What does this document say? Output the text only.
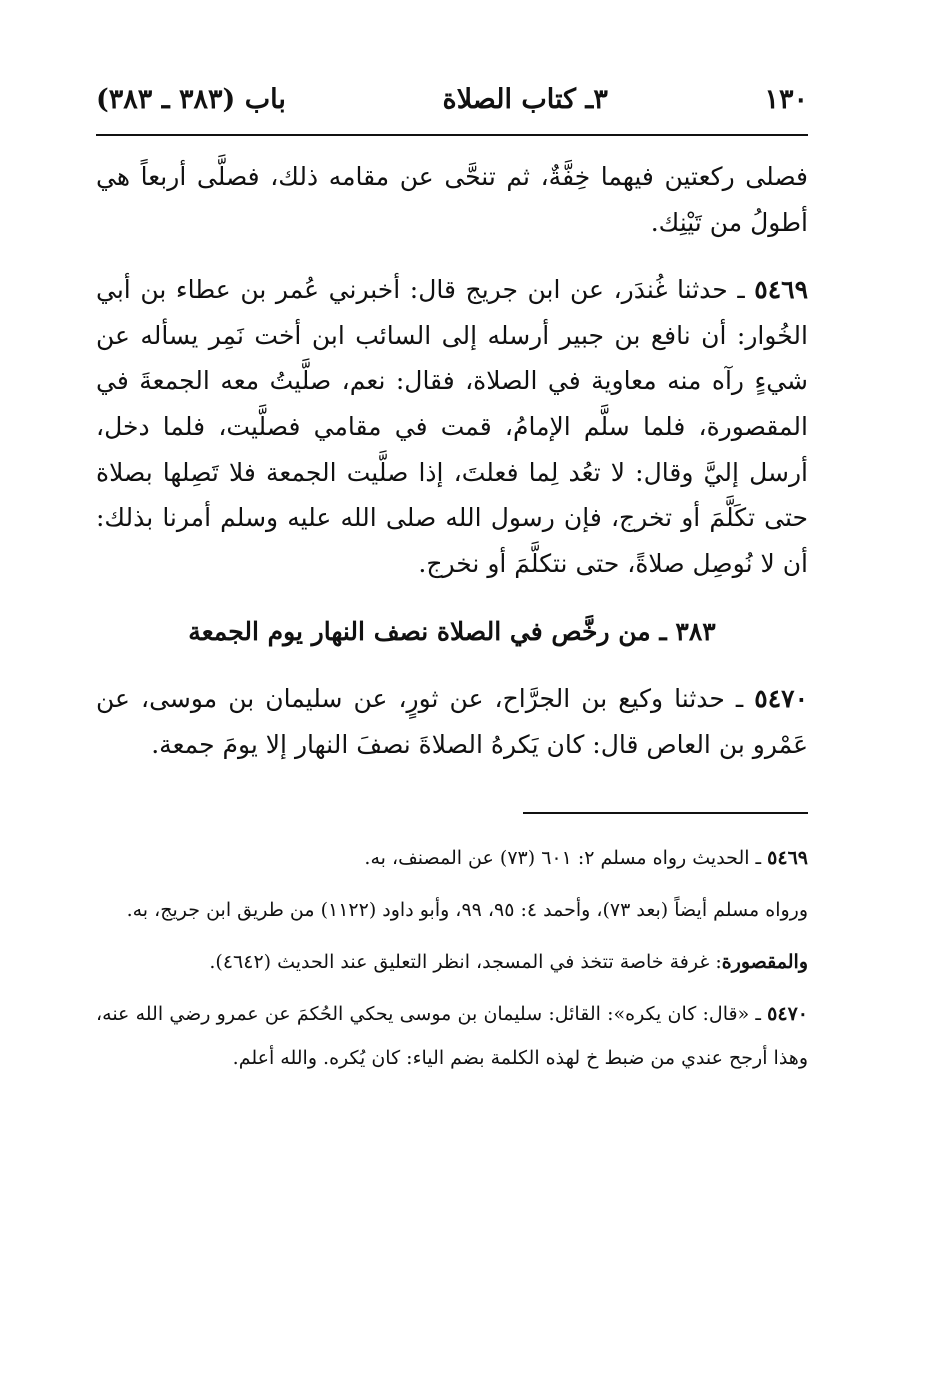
١٣٠
٣ـ كتاب الصلاة
باب (٣٨٣ ـ ٣٨٣)

فصلى ركعتين فيهما خِفَّةٌ، ثم تنحَّى عن مقامه ذلك، فصلَّى أربعاً هي أطولُ من تَيْنِك.

٥٤٦٩ ـ حدثنا غُندَر، عن ابن جريج قال: أخبرني عُمر بن عطاء بن أبي الخُوار: أن نافع بن جبير أرسله إلى السائب ابن أخت نَمِر يسأله عن شيءٍ رآه منه معاوية في الصلاة، فقال: نعم، صلَّيتُ معه الجمعةَ في المقصورة، فلما سلَّم الإمامُ، قمت في مقامي فصلَّيت، فلما دخل، أرسل إليَّ وقال: لا تعُد لِما فعلتَ، إذا صلَّيت الجمعة فلا تَصِلها بصلاة حتى تكَلَّمَ أو تخرج، فإن رسول الله صلى الله عليه وسلم أمرنا بذلك: أن لا نُوصِل صلاةً، حتى نتكلَّمَ أو نخرج.

٣٨٣ ـ من رخَّص في الصلاة نصف النهار يوم الجمعة

٥٤٧٠ ـ حدثنا وكيع بن الجرَّاح، عن ثورٍ، عن سليمان بن موسى، عن عَمْرو بن العاص قال: كان يَكرهُ الصلاةَ نصفَ النهار إلا يومَ جمعة.

٥٤٦٩ ـ الحديث رواه مسلم ٢: ٦٠١ (٧٣) عن المصنف، به.

ورواه مسلم أيضاً (بعد ٧٣)، وأحمد ٤: ٩٥، ٩٩، وأبو داود (١١٢٢) من طريق ابن جريج، به.

والمقصورة: غرفة خاصة تتخذ في المسجد، انظر التعليق عند الحديث (٤٦٤٢).

٥٤٧٠ ـ «قال: كان يكره»: القائل: سليمان بن موسى يحكي الحُكمَ عن عمرو رضي الله عنه، وهذا أرجح عندي من ضبط خ لهذه الكلمة بضم الياء: كان يُكره. والله أعلم.
